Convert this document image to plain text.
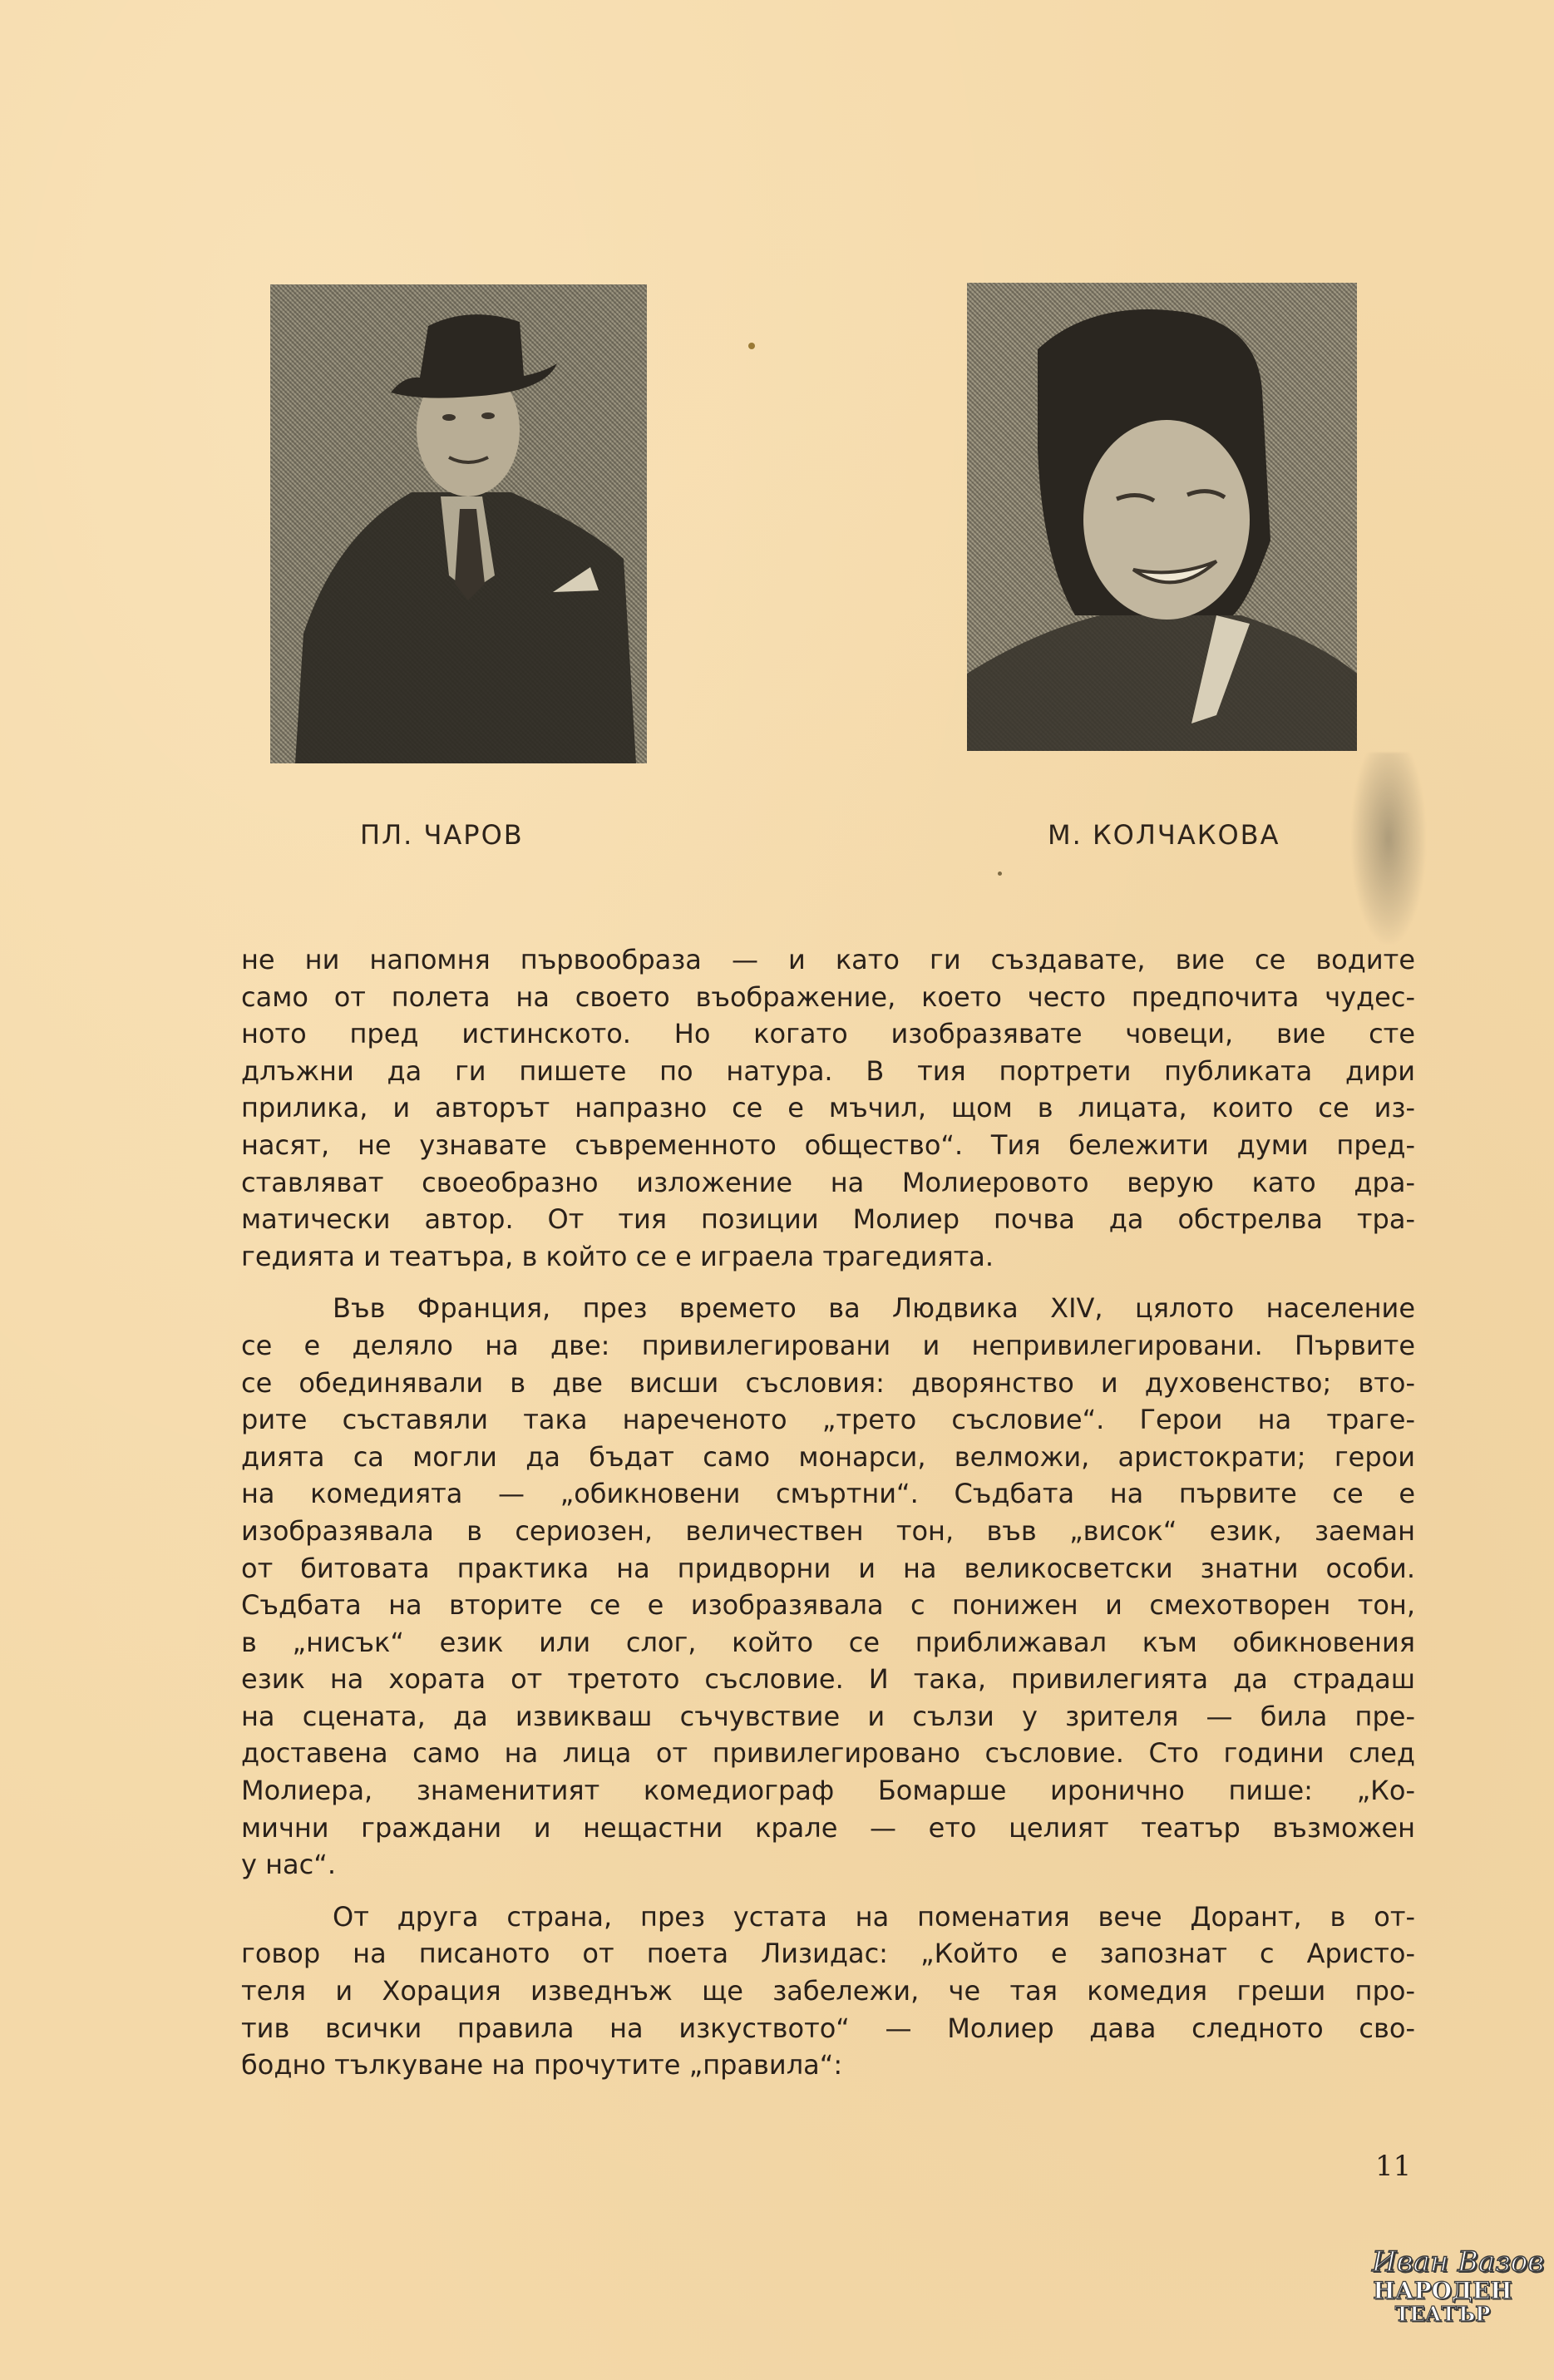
ПЛ. ЧАРОВ	М. КОЛЧАКОВА

не ни напомня първообраза — и като ги създавате, вие се водите
само от полета на своето въображение, което често предпочита чудес-
ното пред истинското. Но когато изобразявате човеци, вие сте
длъжни да ги пишете по натура. В тия портрети публиката дири
прилика, и авторът напразно се е мъчил, щом в лицата, които се из-
насят, не узнавате съвременното общество“. Тия бележити думи пред-
ставляват своеобразно изложение на Молиеровото верую като дра-
матически автор. От тия позиции Молиер почва да обстрелва тра-
гедията и театъра, в който се е играела трагедията.

Във Франция, през времето ва Людвика XIV, цялото население
се е деляло на две: привилегировани и непривилегировани. Първите
се обединявали в две висши съсловия: дворянство и духовенство; вто-
рите съставяли така нареченото „трето съсловие“. Герои на траге-
дията са могли да бъдат само монарси, велможи, аристократи; герои
на комедията — „обикновени смъртни“. Съдбата на първите се е
изобразявала в сериозен, величествен тон, във „висок“ език, заеман
от битовата практика на придворни и на великосветски знатни особи.
Съдбата на вторите се е изобразявала с понижен и смехотворен тон,
в „нисък“ език или слог, който се приближавал към обикновения
език на хората от третото съсловие. И така, привилегията да страдаш
на сцената, да извикваш съчувствие и сълзи у зрителя — била пре-
доставена само на лица от привилегировано съсловие. Сто години след
Молиера, знаменитият комедиограф Бомарше иронично пише: „Ко-
мични граждани и нещастни крале — ето целият театър възможен
у нас“.

От друга страна, през устата на поменатия вече Дорант, в от-
говор на писаното от поета Лизидас: „Който е запознат с Аристо-
теля и Хорация изведнъж ще забележи, че тая комедия греши про-
тив всички правила на изкуството“ — Молиер дава следното сво-
бодно тълкуване на прочутите „правила“:

11
Иван Вазов
НАРОДЕН
ТЕАТЪР
